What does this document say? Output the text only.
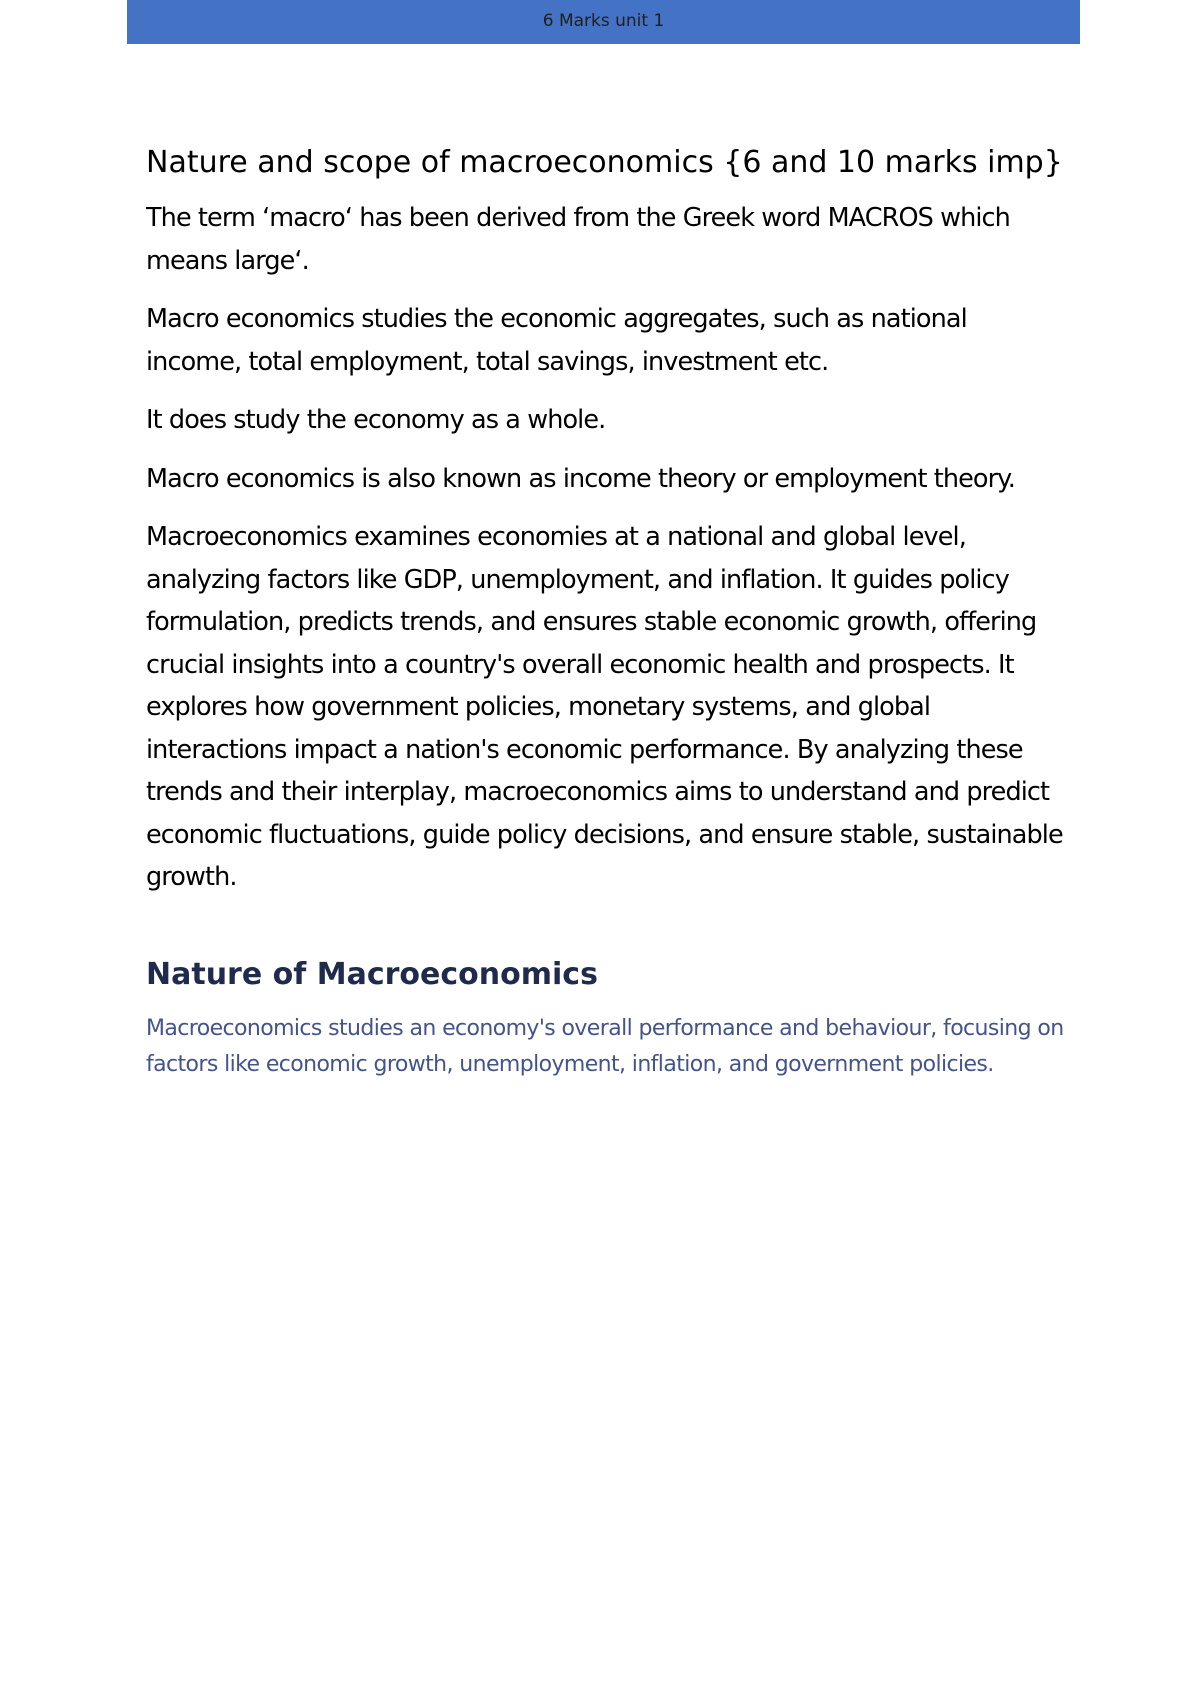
6 Marks unit 1
Nature and scope of macroeconomics {6 and 10 marks imp}

The term ‘macro‘ has been derived from the Greek word MACROS which means large‘.

Macro economics studies the economic aggregates, such as national income, total employment, total savings, investment etc.

It does study the economy as a whole.

Macro economics is also known as income theory or employment theory.

Macroeconomics examines economies at a national and global level, analyzing factors like GDP, unemployment, and inflation. It guides policy formulation, predicts trends, and ensures stable economic growth, offering crucial insights into a country's overall economic health and prospects. It explores how government policies, monetary systems, and global interactions impact a nation's economic performance. By analyzing these trends and their interplay, macroeconomics aims to understand and predict economic fluctuations, guide policy decisions, and ensure stable, sustainable growth.

Nature of Macroeconomics

Macroeconomics studies an economy's overall performance and behaviour, focusing on factors like economic growth, unemployment, inflation, and government policies.
